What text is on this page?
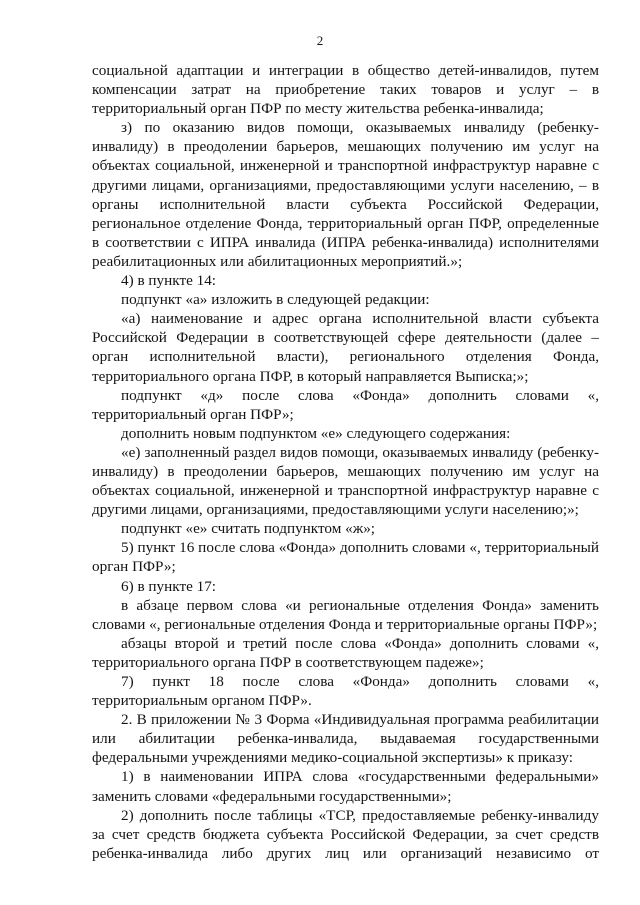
2

социальной адаптации и интеграции в общество детей-инвалидов, путем компенсации затрат на приобретение таких товаров и услуг – в территориальный орган ПФР по месту жительства ребенка-инвалида;

з) по оказанию видов помощи, оказываемых инвалиду (ребенку-инвалиду) в преодолении барьеров, мешающих получению им услуг на объектах социальной, инженерной и транспортной инфраструктур наравне с другими лицами, организациями, предоставляющими услуги населению, – в органы исполнительной власти субъекта Российской Федерации, региональное отделение Фонда, территориальный орган ПФР, определенные в соответствии с ИПРА инвалида (ИПРА ребенка-инвалида) исполнителями реабилитационных или абилитационных мероприятий.»;

4) в пункте 14:

подпункт «а» изложить в следующей редакции:

«а) наименование и адрес органа исполнительной власти субъекта Российской Федерации в соответствующей сфере деятельности (далее – орган исполнительной власти), регионального отделения Фонда, территориального органа ПФР, в который направляется Выписка;»;

подпункт «д» после слова «Фонда» дополнить словами «, территориальный орган ПФР»;

дополнить новым подпунктом «е» следующего содержания:

«е) заполненный раздел видов помощи, оказываемых инвалиду (ребенку-инвалиду) в преодолении барьеров, мешающих получению им услуг на объектах социальной, инженерной и транспортной инфраструктур наравне с другими лицами, организациями, предоставляющими услуги населению;»;

подпункт «е» считать подпунктом «ж»;

5) пункт 16 после слова «Фонда» дополнить словами «, территориальный орган ПФР»;

6) в пункте 17:

в абзаце первом слова «и региональные отделения Фонда» заменить словами «, региональные отделения Фонда и территориальные органы ПФР»;

абзацы второй и третий после слова «Фонда» дополнить словами «, территориального органа ПФР в соответствующем падеже»;

7) пункт 18 после слова «Фонда» дополнить словами «, территориальным органом ПФР».

2. В приложении № 3 Форма «Индивидуальная программа реабилитации или абилитации ребенка-инвалида, выдаваемая государственными федеральными учреждениями медико-социальной экспертизы» к приказу:

1) в наименовании ИПРА слова «государственными федеральными» заменить словами «федеральными государственными»;

2) дополнить после таблицы «ТСР, предоставляемые ребенку-инвалиду за счет средств бюджета субъекта Российской Федерации, за счет средств ребенка-инвалида либо других лиц или организаций независимо от
